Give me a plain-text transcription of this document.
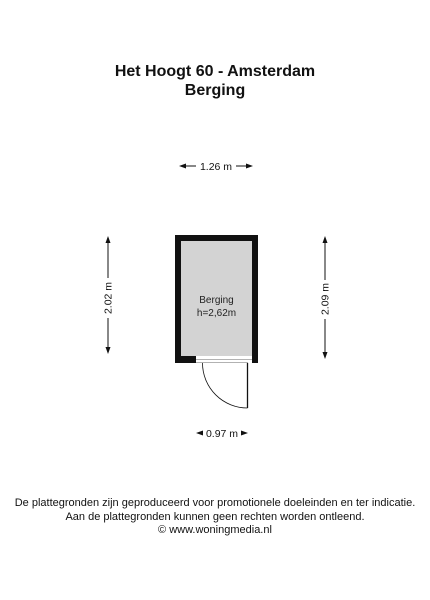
Het Hoogt 60 - Amsterdam
Berging
1.26 m
2.02 m	2.09 m
Berging
h=2,62m
0.97 m
De plattegronden zijn geproduceerd voor promotionele doeleinden en ter indicatie.
Aan de plattegronden kunnen geen rechten worden ontleend.
© www.woningmedia.nl
